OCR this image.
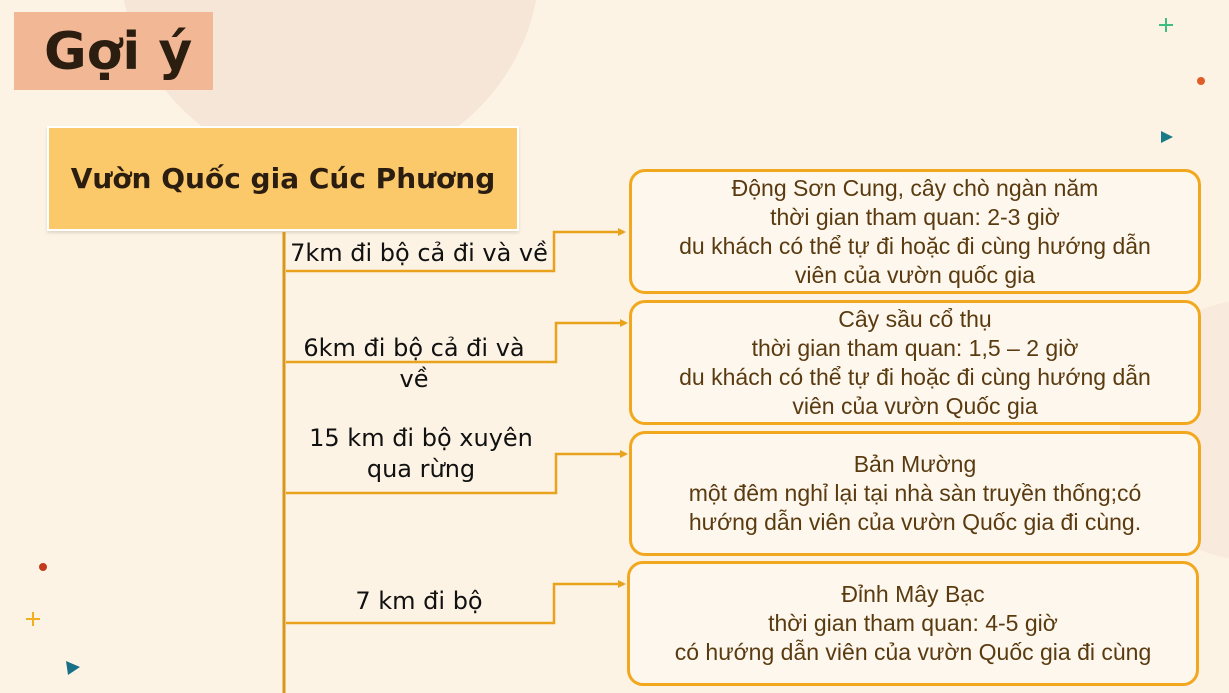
Gợi ý
Vườn Quốc gia Cúc Phương
7km đi bộ cả đi và về
6km đi bộ cả đi và về
15 km đi bộ xuyên
qua rừng
7 km đi bộ
Động Sơn Cung, cây chò ngàn năm
thời gian tham quan: 2-3 giờ
du khách có thể tự đi hoặc đi cùng hướng dẫn
viên của vườn quốc gia
Cây sầu cổ thụ
thời gian tham quan: 1,5 – 2 giờ
du khách có thể tự đi hoặc đi cùng hướng dẫn
viên của vườn Quốc gia
Bản Mường
một đêm nghỉ lại tại nhà sàn truyền thống;có
hướng dẫn viên của vườn Quốc gia đi cùng.
Đỉnh Mây Bạc
thời gian tham quan: 4-5 giờ
có hướng dẫn viên của vườn Quốc gia đi cùng
